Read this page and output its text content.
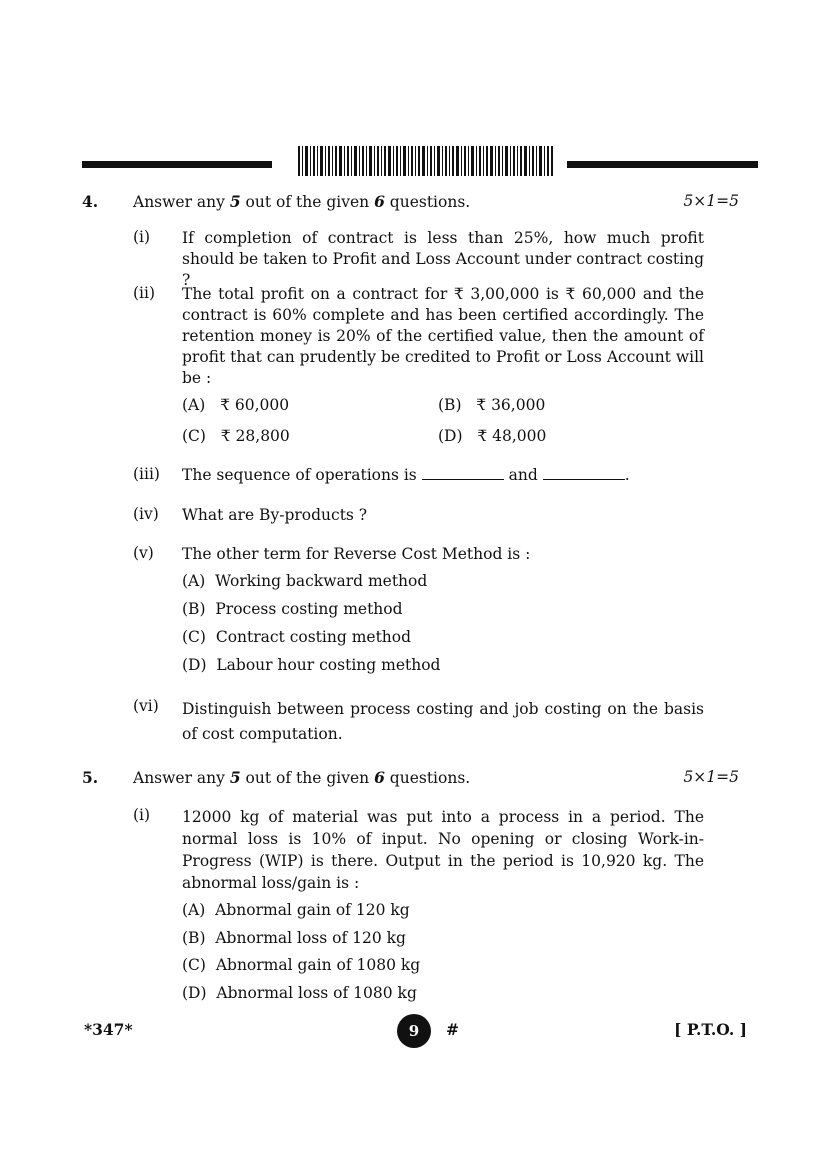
4. Answer any 5 out of the given 6 questions.	5×1=5
(i) If completion of contract is less than 25%, how much profit should be taken to Profit and Loss Account under contract costing ?
(ii) The total profit on a contract for ₹ 3,00,000 is ₹ 60,000 and the contract is 60% complete and has been certified accordingly. The retention money is 20% of the certified value, then the amount of profit that can prudently be credited to Profit or Loss Account will be :
(A) ₹ 60,000	(B) ₹ 36,000
(C) ₹ 28,800	(D) ₹ 48,000
(iii) The sequence of operations is	and	.
(iv) What are By-products ?
(v) The other term for Reverse Cost Method is :
(A) Working backward method
(B) Process costing method
(C) Contract costing method
(D) Labour hour costing method
(vi) Distinguish between process costing and job costing on the basis of cost computation.
5. Answer any 5 out of the given 6 questions.	5×1=5
(i) 12000 kg of material was put into a process in a period. The normal loss is 10% of input. No opening or closing Work-in-Progress (WIP) is there. Output in the period is 10,920 kg. The abnormal loss/gain is :
(A) Abnormal gain of 120 kg
(B) Abnormal loss of 120 kg
(C) Abnormal gain of 1080 kg
(D) Abnormal loss of 1080 kg
*347*	9	#	[ P.T.O. ]
